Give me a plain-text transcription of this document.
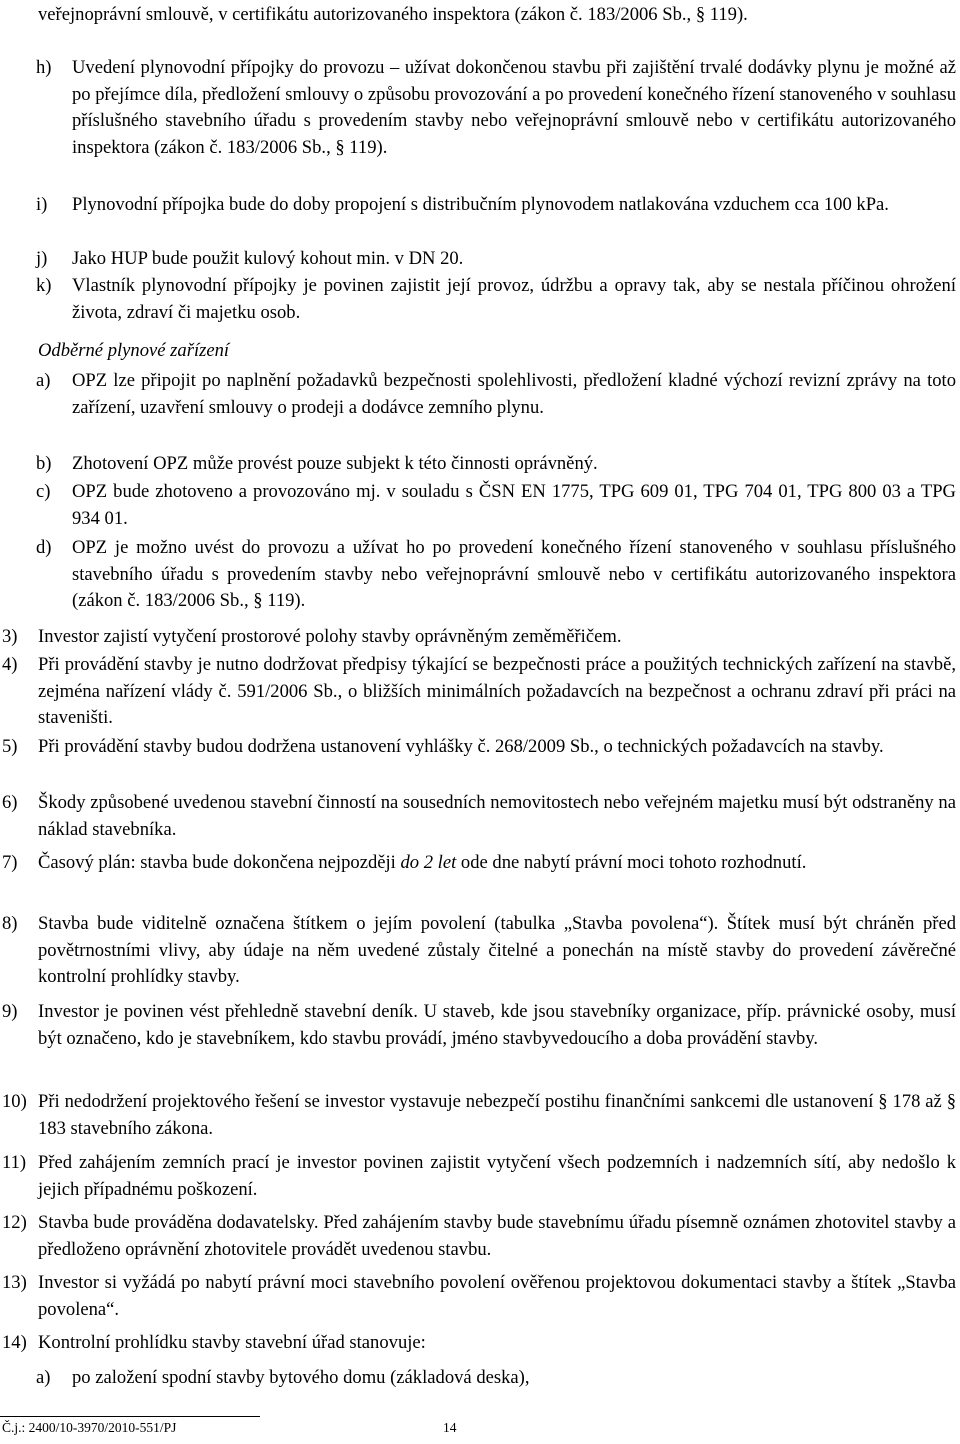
veřejnoprávní smlouvě, v certifikátu autorizovaného inspektora (zákon č. 183/2006 Sb., § 119).
h) Uvedení plynovodní přípojky do provozu – užívat dokončenou stavbu při zajištění trvalé dodávky plynu je možné až po přejímce díla, předložení smlouvy o způsobu provozování a po provedení konečného řízení stanoveného v souhlasu příslušného stavebního úřadu s provedením stavby nebo veřejnoprávní smlouvě nebo v certifikátu autorizovaného inspektora (zákon č. 183/2006 Sb., § 119).
i) Plynovodní přípojka bude do doby propojení s distribučním plynovodem natlakována vzduchem cca 100 kPa.
j) Jako HUP bude použit kulový kohout min. v DN 20.
k) Vlastník plynovodní přípojky je povinen zajistit její provoz, údržbu a opravy tak, aby se nestala příčinou ohrožení života, zdraví či majetku osob.
Odběrné plynové zařízení
a) OPZ lze připojit po naplnění požadavků bezpečnosti spolehlivosti, předložení kladné výchozí revizní zprávy na toto zařízení, uzavření smlouvy o prodeji a dodávce zemního plynu.
b) Zhotovení OPZ může provést pouze subjekt k této činnosti oprávněný.
c) OPZ bude zhotoveno a provozováno mj. v souladu s ČSN EN 1775, TPG 609 01, TPG 704 01, TPG 800 03 a TPG 934 01.
d) OPZ je možno uvést do provozu a užívat ho po provedení konečného řízení stanoveného v souhlasu příslušného stavebního úřadu s provedením stavby nebo veřejnoprávní smlouvě nebo v certifikátu autorizovaného inspektora (zákon č. 183/2006 Sb., § 119).
3) Investor zajistí vytyčení prostorové polohy stavby oprávněným zeměměřičem.
4) Při provádění stavby je nutno dodržovat předpisy týkající se bezpečnosti práce a použitých technických zařízení na stavbě, zejména nařízení vlády č. 591/2006 Sb., o bližších minimálních požadavcích na bezpečnost a ochranu zdraví při práci na staveništi.
5) Při provádění stavby budou dodržena ustanovení vyhlášky č. 268/2009 Sb., o technických požadavcích na stavby.
6) Škody způsobené uvedenou stavební činností na sousedních nemovitostech nebo veřejném majetku musí být odstraněny na náklad stavebníka.
7) Časový plán: stavba bude dokončena nejpozději do 2 let ode dne nabytí právní moci tohoto rozhodnutí.
8) Stavba bude viditelně označena štítkem o jejím povolení (tabulka „Stavba povolena“). Štítek musí být chráněn před povětrnostními vlivy, aby údaje na něm uvedené zůstaly čitelné a ponechán na místě stavby do provedení závěrečné kontrolní prohlídky stavby.
9) Investor je povinen vést přehledně stavební deník. U staveb, kde jsou stavebníky organizace, příp. právnické osoby, musí být označeno, kdo je stavebníkem, kdo stavbu provádí, jméno stavbyvedoucího a doba provádění stavby.
10) Při nedodržení projektového řešení se investor vystavuje nebezpečí postihu finančními sankcemi dle ustanovení § 178 až § 183 stavebního zákona.
11) Před zahájením zemních prací je investor povinen zajistit vytyčení všech podzemních i nadzemních sítí, aby nedošlo k jejich případnému poškození.
12) Stavba bude prováděna dodavatelsky. Před zahájením stavby bude stavebnímu úřadu písemně oznámen zhotovitel stavby a předloženo oprávnění zhotovitele provádět uvedenou stavbu.
13) Investor si vyžádá po nabytí právní moci stavebního povolení ověřenou projektovou dokumentaci stavby a štítek „Stavba povolena“.
14) Kontrolní prohlídku stavby stavební úřad stanovuje:
a) po založení spodní stavby bytového domu (základová deska),
Č.j.: 2400/10-3970/2010-551/PJ	14
